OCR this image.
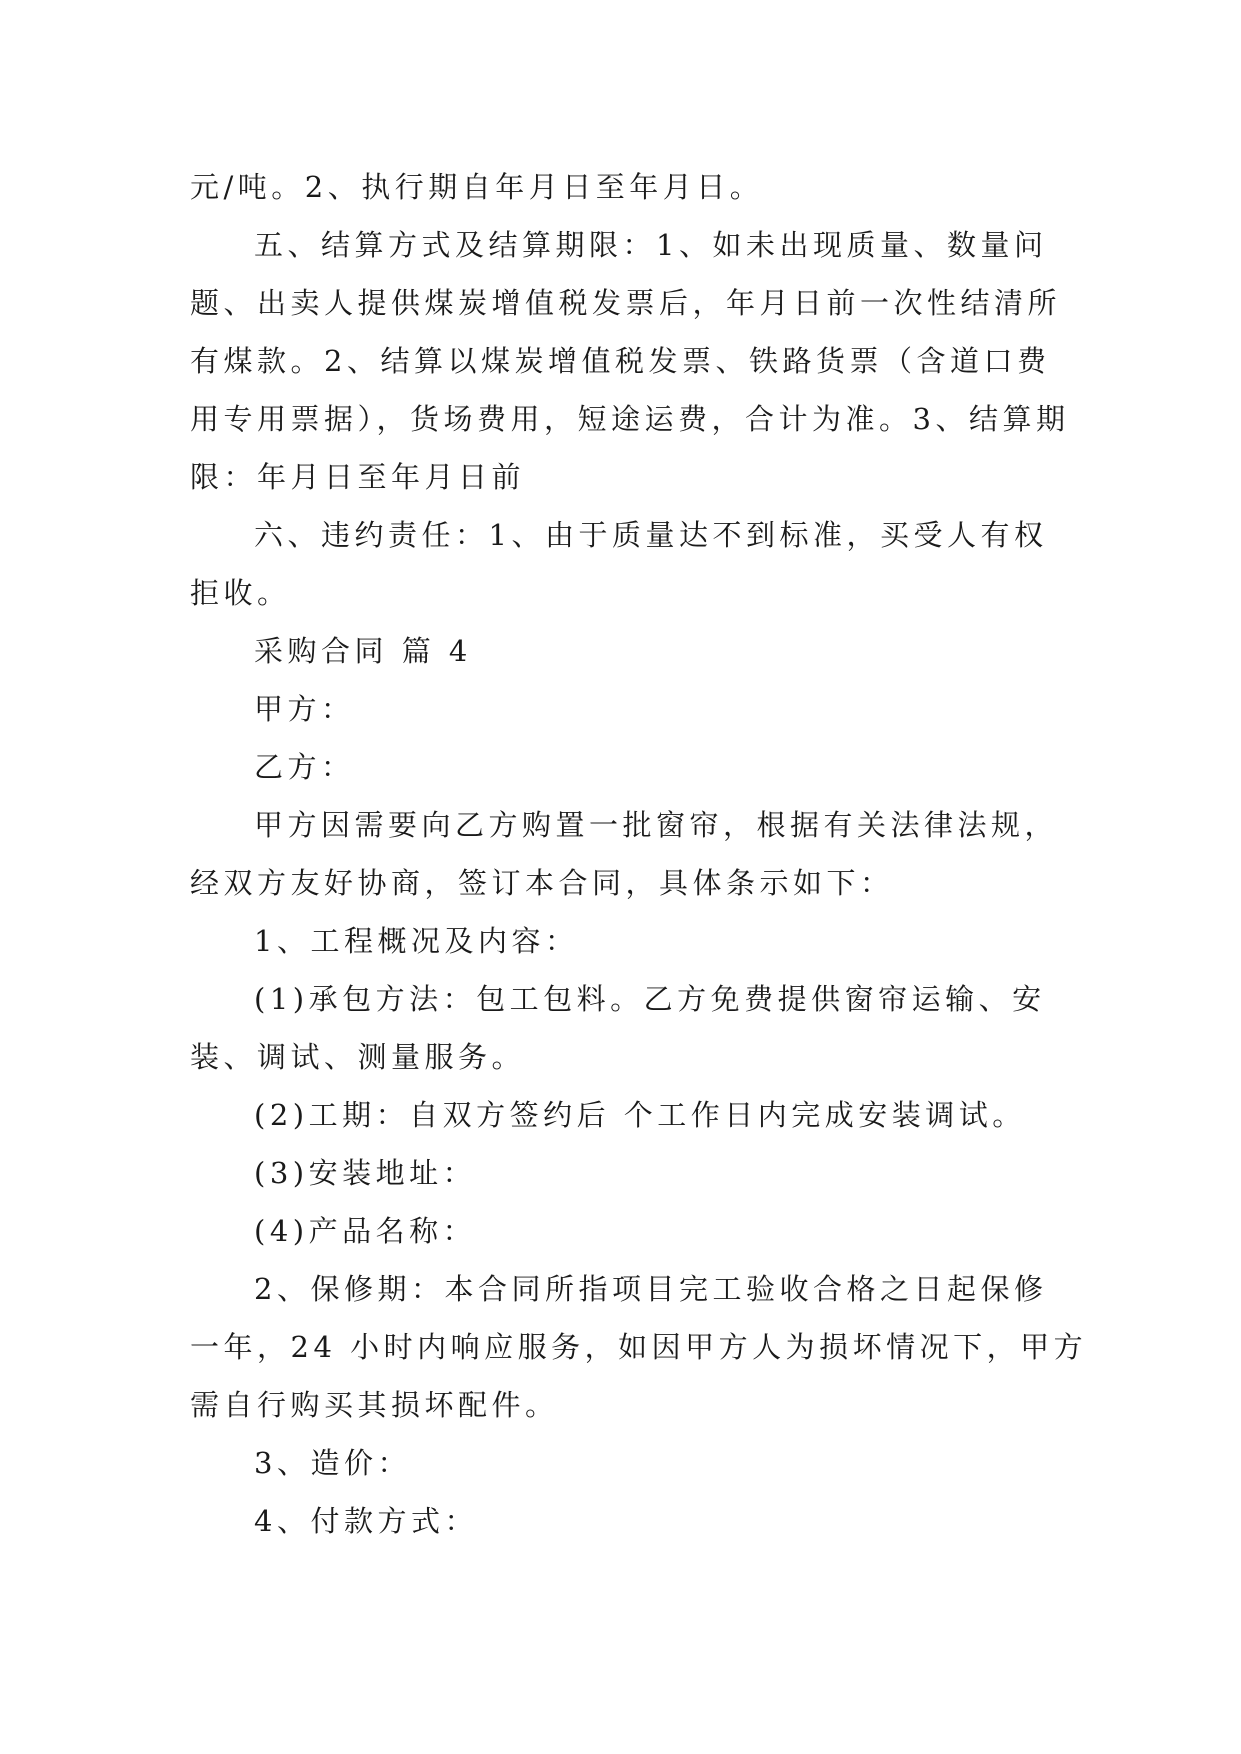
元/吨。2、执行期自年月日至年月日。
五、结算方式及结算期限：1、如未出现质量、数量问
题、出卖人提供煤炭增值税发票后，年月日前一次性结清所
有煤款。2、结算以煤炭增值税发票、铁路货票（含道口费
用专用票据），货场费用，短途运费，合计为准。3、结算期
限：年月日至年月日前
六、违约责任：1、由于质量达不到标准，买受人有权
拒收。
采购合同 篇 4
甲方：
乙方：
甲方因需要向乙方购置一批窗帘，根据有关法律法规，
经双方友好协商，签订本合同，具体条示如下：
1、工程概况及内容：
(1)承包方法：包工包料。乙方免费提供窗帘运输、安
装、调试、测量服务。
(2)工期：自双方签约后 个工作日内完成安装调试。
(3)安装地址：
(4)产品名称：
2、保修期：本合同所指项目完工验收合格之日起保修
一年，24 小时内响应服务，如因甲方人为损坏情况下，甲方
需自行购买其损坏配件。
3、造价：
4、付款方式：
